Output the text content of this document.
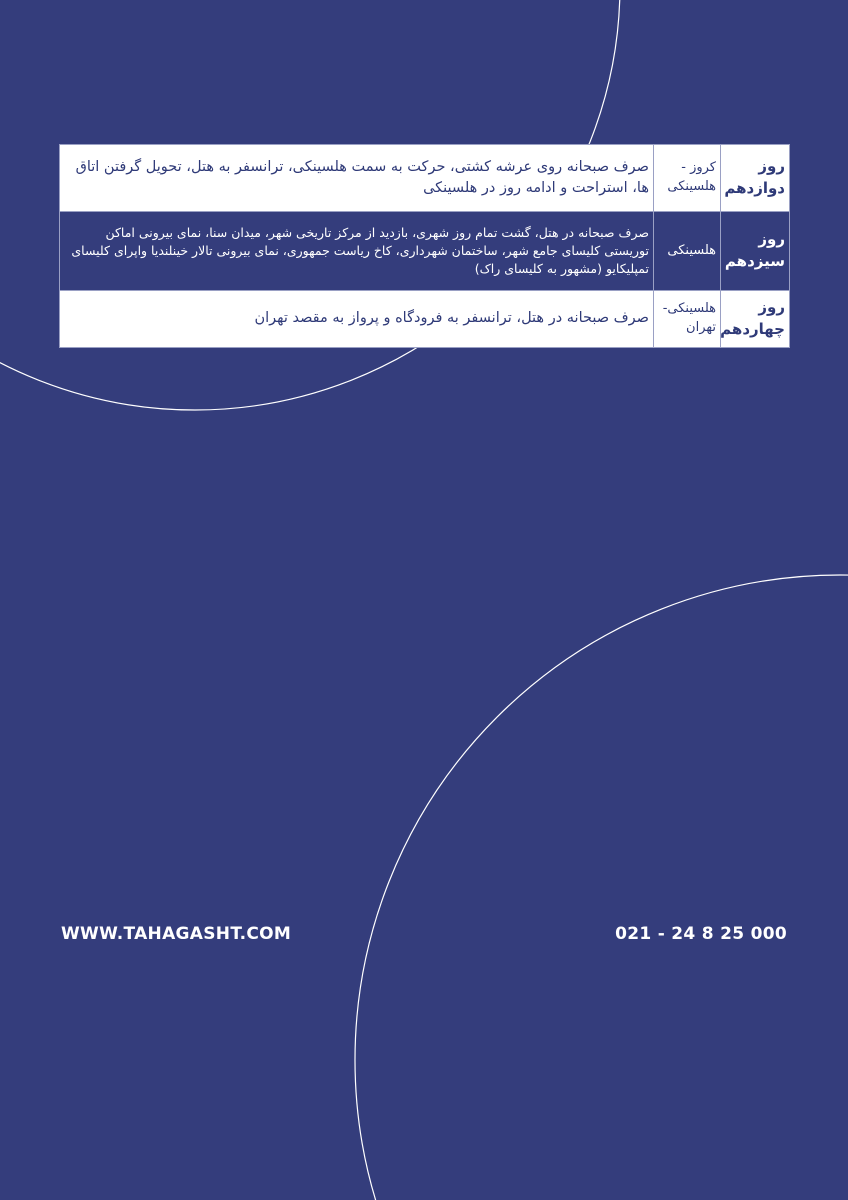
روز دوازدهم	کروز - هلسینکی	صرف صبحانه روی عرشه کشتی، حرکت به سمت هلسینکی، ترانسفر به هتل، تحویل گرفتن اتاق ها، استراحت و ادامه روز در هلسینکی
روز سیزدهم	هلسینکی	صرف صبحانه در هتل، گشت تمام روز شهری، بازدید از مرکز تاریخی شهر، میدان سنا، نمای بیرونی اماکن توریستی کلیسای جامع شهر، ساختمان شهرداری، کاخ ریاست جمهوری، نمای بیرونی تالار خینلندیا واپرای کلیسای تمپلیکایو (مشهور به کلیسای راک)
روز چهاردهم	هلسینکی- تهران	صرف صبحانه در هتل، ترانسفر به فرودگاه و پرواز به مقصد تهران
WWW.TAHAGASHT.COM	021 - 24 8 25 000
